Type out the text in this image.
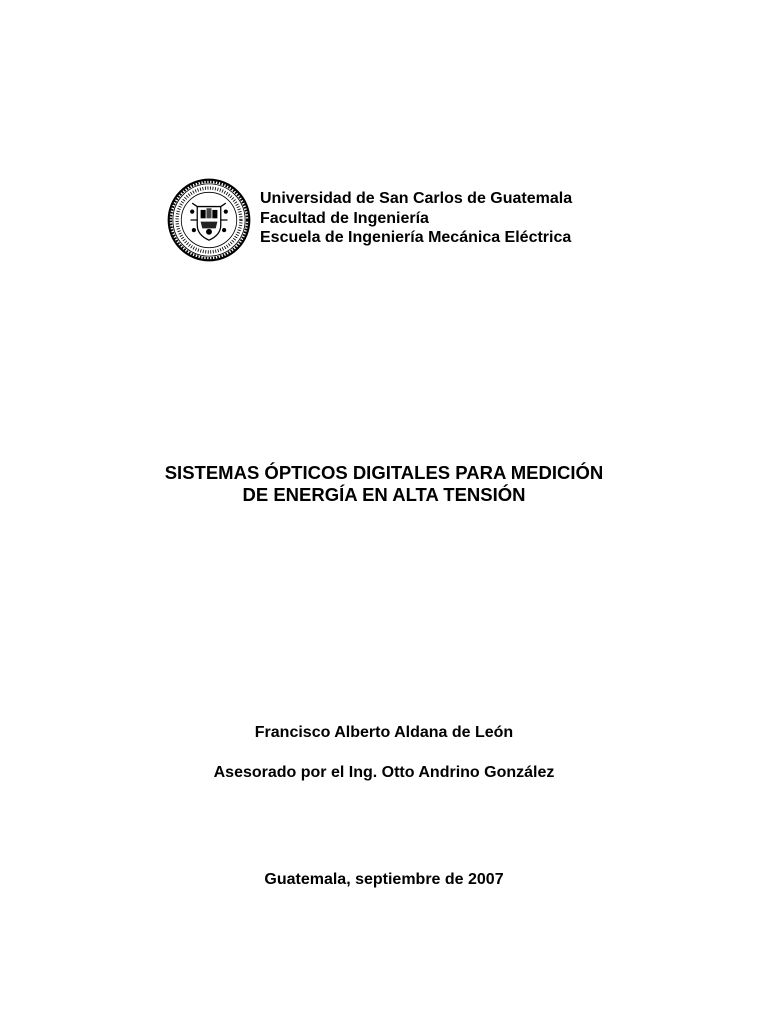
Universidad de San Carlos de Guatemala
Facultad de Ingeniería
Escuela de Ingeniería Mecánica Eléctrica
SISTEMAS ÓPTICOS DIGITALES PARA MEDICIÓN
DE ENERGÍA EN ALTA TENSIÓN
Francisco Alberto Aldana de León
Asesorado por el Ing. Otto Andrino González
Guatemala, septiembre de 2007
